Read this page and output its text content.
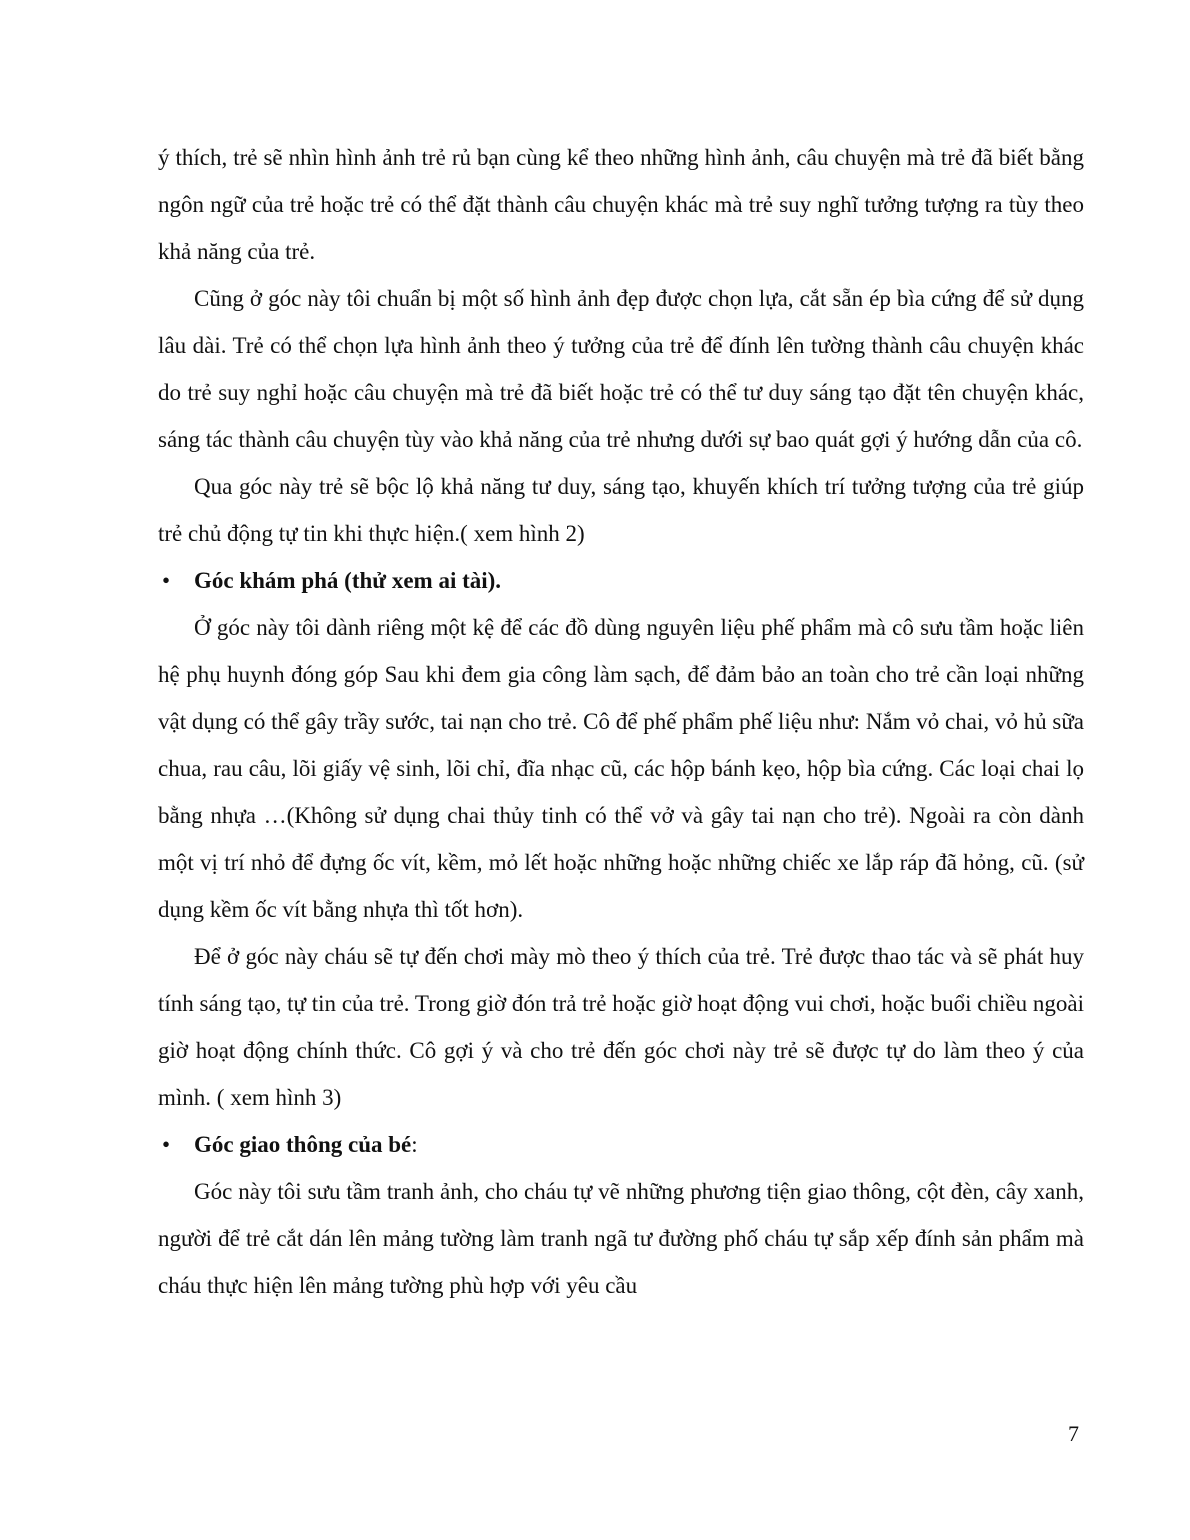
ý thích, trẻ sẽ nhìn hình ảnh trẻ rủ bạn cùng kể theo những hình ảnh, câu chuyện mà trẻ đã biết bằng ngôn ngữ của trẻ hoặc trẻ có thể đặt thành câu chuyện khác mà trẻ suy nghĩ tưởng tượng ra tùy theo khả năng của trẻ.

Cũng ở góc này tôi chuẩn bị một số hình ảnh đẹp được chọn lựa, cắt sẵn ép bìa cứng để sử dụng lâu dài. Trẻ có thể chọn lựa hình ảnh theo ý tưởng của trẻ để đính lên tường thành câu chuyện khác do trẻ suy nghỉ hoặc câu chuyện mà trẻ đã biết hoặc trẻ có thể tư duy sáng tạo đặt tên chuyện khác, sáng tác thành câu chuyện tùy vào khả năng của trẻ nhưng dưới sự bao quát gợi ý hướng dẫn của cô.

Qua góc này trẻ sẽ bộc lộ khả năng tư duy, sáng tạo, khuyến khích trí tưởng tượng của trẻ giúp trẻ chủ động tự tin khi thực hiện.( xem hình 2)

• Góc khám phá (thử xem ai tài).

Ở góc này tôi dành riêng một kệ để các đồ dùng nguyên liệu phế phẩm mà cô sưu tầm hoặc liên hệ phụ huynh đóng góp Sau khi đem gia công làm sạch, để đảm bảo an toàn cho trẻ cần loại những vật dụng có thể gây trầy sước, tai nạn cho trẻ. Cô để phế phẩm phế liệu như: Nắm vỏ chai, vỏ hủ sữa chua, rau câu, lõi giấy vệ sinh, lõi chỉ, đĩa nhạc cũ, các hộp bánh kẹo, hộp bìa cứng. Các loại chai lọ bằng nhựa …(Không sử dụng chai thủy tinh có thể vở và gây tai nạn cho trẻ). Ngoài ra còn dành một vị trí nhỏ để đựng ốc vít, kềm, mỏ lết hoặc những hoặc những chiếc xe lắp ráp đã hỏng, cũ. (sử dụng kềm ốc vít bằng nhựa thì tốt hơn).

Để ở góc này cháu sẽ tự đến chơi mày mò theo ý thích của trẻ. Trẻ được thao tác và sẽ phát huy tính sáng tạo, tự tin của trẻ. Trong giờ đón trả trẻ hoặc giờ hoạt động vui chơi, hoặc buổi chiều ngoài giờ hoạt động chính thức. Cô gợi ý và cho trẻ đến góc chơi này trẻ sẽ được tự do làm theo ý của mình. ( xem hình 3)

• Góc giao thông của bé:

Góc này tôi sưu tầm tranh ảnh, cho cháu tự vẽ những phương tiện giao thông, cột đèn, cây xanh, người để trẻ cắt dán lên mảng tường làm tranh ngã tư đường phố cháu tự sắp xếp đính sản phẩm mà cháu thực hiện lên mảng tường phù hợp với yêu cầu

7
